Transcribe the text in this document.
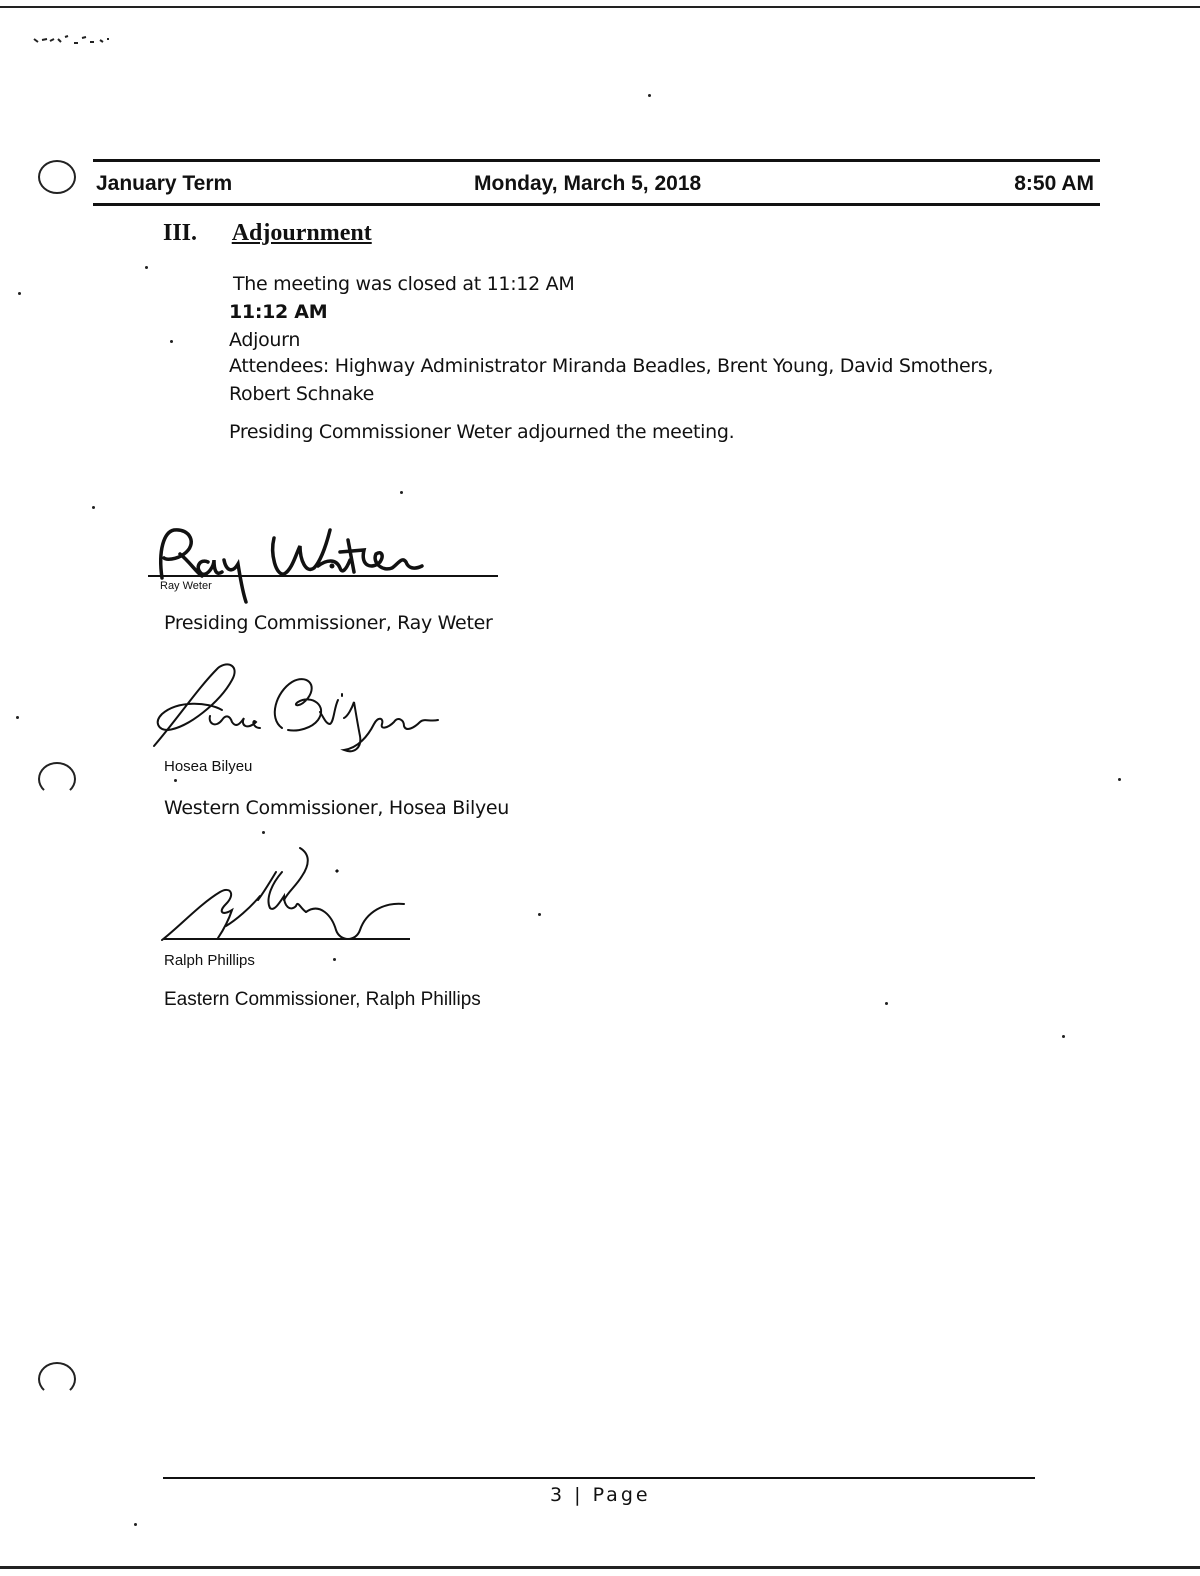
January Term	Monday, March 5, 2018	8:50 AM
III. Adjournment
The meeting was closed at 11:12 AM
11:12 AM
Adjourn
Attendees: Highway Administrator Miranda Beadles, Brent Young, David Smothers,
Robert Schnake
Presiding Commissioner Weter adjourned the meeting.
Ray Weter
Presiding Commissioner, Ray Weter
Hosea Bilyeu
Western Commissioner, Hosea Bilyeu
Ralph Phillips
Eastern Commissioner, Ralph Phillips
3 | Page
